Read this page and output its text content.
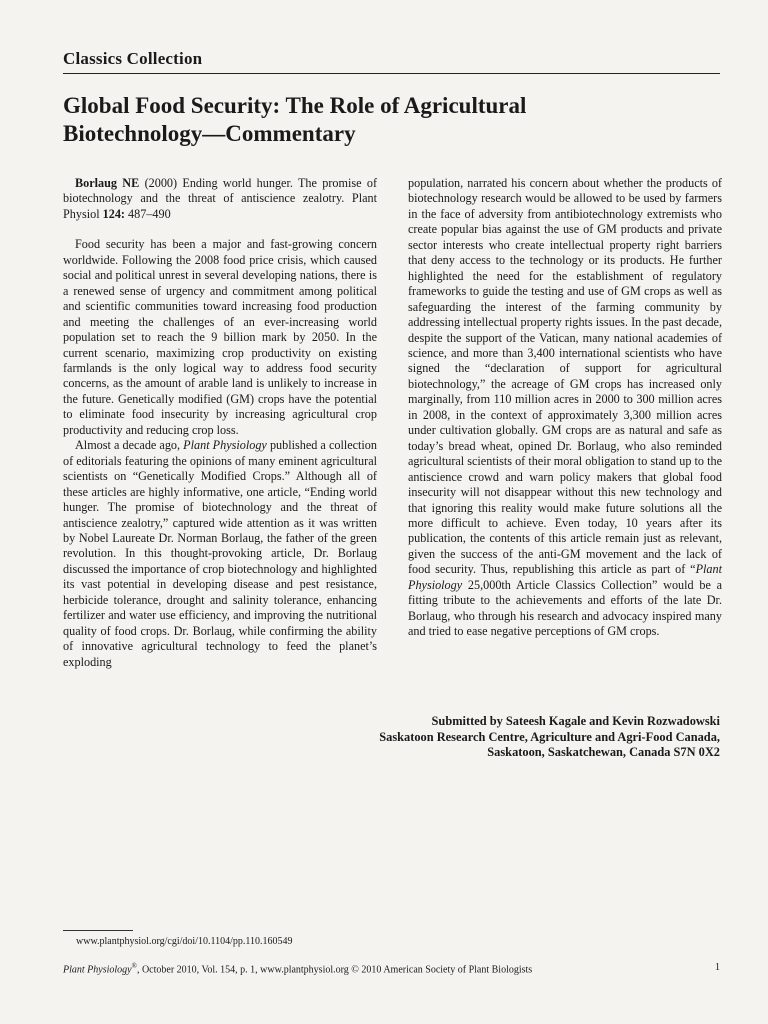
Classics Collection
Global Food Security: The Role of Agricultural
Biotechnology—Commentary

Borlaug NE (2000) Ending world hunger. The promise of biotechnology and the threat of antiscience zealotry. Plant Physiol 124: 487–490

Food security has been a major and fast-growing concern worldwide. Following the 2008 food price crisis, which caused social and political unrest in several developing nations, there is a renewed sense of urgency and commitment among political and scientific communities toward increasing food production and meeting the challenges of an ever-increasing world population set to reach the 9 billion mark by 2050. In the current scenario, maximizing crop productivity on existing farmlands is the only logical way to address food security concerns, as the amount of arable land is unlikely to increase in the future. Genetically modified (GM) crops have the potential to eliminate food insecurity by increasing agricultural crop productivity and reducing crop loss.

Almost a decade ago, Plant Physiology published a collection of editorials featuring the opinions of many eminent agricultural scientists on “Genetically Modified Crops.” Although all of these articles are highly informative, one article, “Ending world hunger. The promise of biotechnology and the threat of antiscience zealotry,” captured wide attention as it was written by Nobel Laureate Dr. Norman Borlaug, the father of the green revolution. In this thought-provoking article, Dr. Borlaug discussed the importance of crop biotechnology and highlighted its vast potential in developing disease and pest resistance, herbicide tolerance, drought and salinity tolerance, enhancing fertilizer and water use efficiency, and improving the nutritional quality of food crops. Dr. Borlaug, while confirming the ability of innovative agricultural technology to feed the planet’s exploding

population, narrated his concern about whether the products of biotechnology research would be allowed to be used by farmers in the face of adversity from antibiotechnology extremists who create popular bias against the use of GM products and private sector interests who create intellectual property right barriers that deny access to the technology or its products. He further highlighted the need for the establishment of regulatory frameworks to guide the testing and use of GM crops as well as safeguarding the interest of the farming community by addressing intellectual property rights issues. In the past decade, despite the support of the Vatican, many national academies of science, and more than 3,400 international scientists who have signed the “declaration of support for agricultural biotechnology,” the acreage of GM crops has increased only marginally, from 110 million acres in 2000 to 300 million acres in 2008, in the context of approximately 3,300 million acres under cultivation globally. GM crops are as natural and safe as today’s bread wheat, opined Dr. Borlaug, who also reminded agricultural scientists of their moral obligation to stand up to the antiscience crowd and warn policy makers that global food insecurity will not disappear without this new technology and that ignoring this reality would make future solutions all the more difficult to achieve. Even today, 10 years after its publication, the contents of this article remain just as relevant, given the success of the anti-GM movement and the lack of food security. Thus, republishing this article as part of “Plant Physiology 25,000th Article Classics Collection” would be a fitting tribute to the achievements and efforts of the late Dr. Borlaug, who through his research and advocacy inspired many and tried to ease negative perceptions of GM crops.

Submitted by Sateesh Kagale and Kevin Rozwadowski
Saskatoon Research Centre, Agriculture and Agri-Food Canada,
Saskatoon, Saskatchewan, Canada S7N 0X2
www.plantphysiol.org/cgi/doi/10.1104/pp.110.160549
Plant Physiology®, October 2010, Vol. 154, p. 1, www.plantphysiol.org © 2010 American Society of Plant Biologists	1
